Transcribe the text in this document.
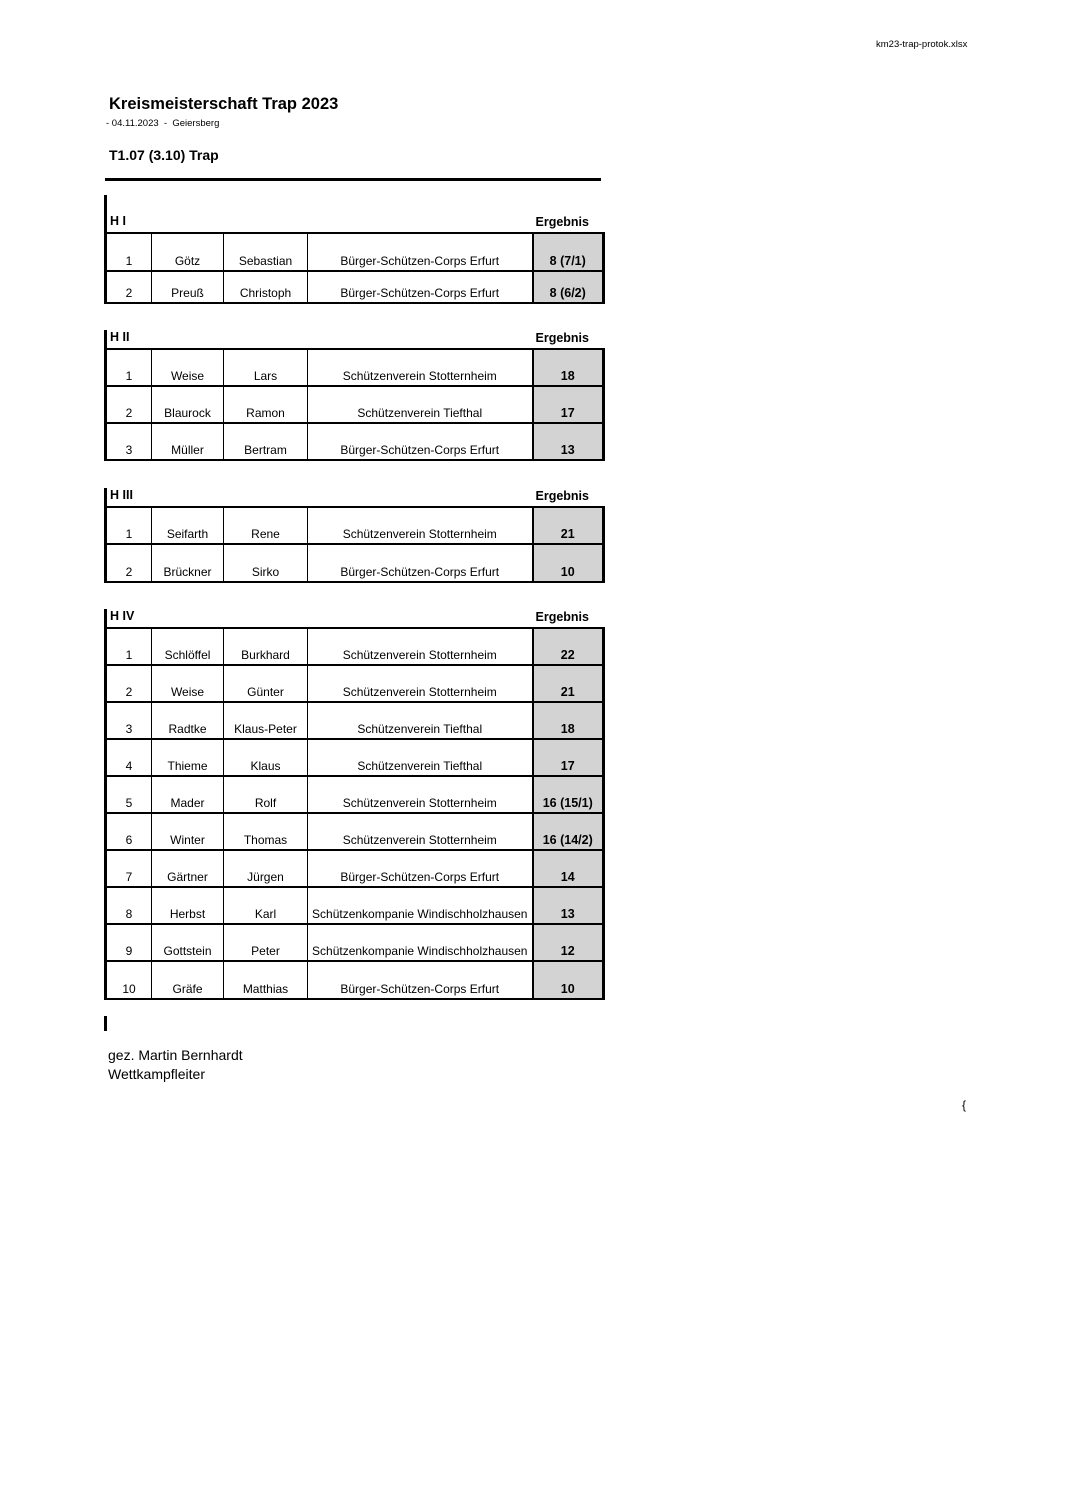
km23-trap-protok.xlsx
Kreismeisterschaft Trap 2023
- 04.11.2023  -  Geiersberg
T1.07 (3.10) Trap
H I	Ergebnis
1	Götz	Sebastian	Bürger-Schützen-Corps Erfurt	8 (7/1)
2	Preuß	Christoph	Bürger-Schützen-Corps Erfurt	8 (6/2)
H II	Ergebnis
1	Weise	Lars	Schützenverein Stotternheim	18
2	Blaurock	Ramon	Schützenverein Tiefthal	17
3	Müller	Bertram	Bürger-Schützen-Corps Erfurt	13
H III	Ergebnis
1	Seifarth	Rene	Schützenverein Stotternheim	21
2	Brückner	Sirko	Bürger-Schützen-Corps Erfurt	10
H IV	Ergebnis
1	Schlöffel	Burkhard	Schützenverein Stotternheim	22
2	Weise	Günter	Schützenverein Stotternheim	21
3	Radtke	Klaus-Peter	Schützenverein Tiefthal	18
4	Thieme	Klaus	Schützenverein Tiefthal	17
5	Mader	Rolf	Schützenverein Stotternheim	16 (15/1)
6	Winter	Thomas	Schützenverein Stotternheim	16 (14/2)
7	Gärtner	Jürgen	Bürger-Schützen-Corps Erfurt	14
8	Herbst	Karl	Schützenkompanie Windischholzhausen	13
9	Gottstein	Peter	Schützenkompanie Windischholzhausen	12
10	Gräfe	Matthias	Bürger-Schützen-Corps Erfurt	10
gez. Martin Bernhardt
Wettkampfleiter
{
